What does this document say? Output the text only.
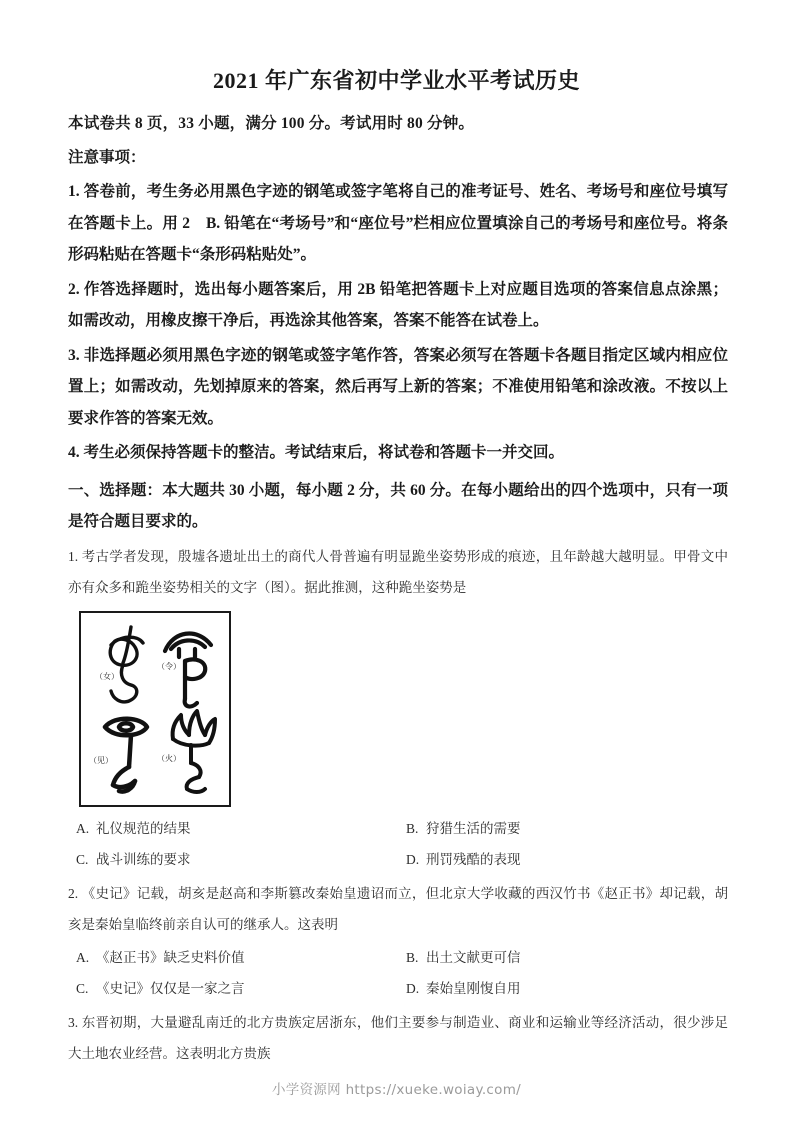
2021 年广东省初中学业水平考试历史

本试卷共 8 页，33 小题，满分 100 分。考试用时 80 分钟。

注意事项：

1. 答卷前，考生务必用黑色字迹的钢笔或签字笔将自己的准考证号、姓名、考场号和座位号填写在答题卡上。用 2　B. 铅笔在“考场号”和“座位号”栏相应位置填涂自己的考场号和座位号。将条形码粘贴在答题卡“条形码粘贴处”。

2. 作答选择题时，选出每小题答案后，用 2B 铅笔把答题卡上对应题目选项的答案信息点涂黑；如需改动，用橡皮擦干净后，再选涂其他答案，答案不能答在试卷上。

3. 非选择题必须用黑色字迹的钢笔或签字笔作答，答案必须写在答题卡各题目指定区域内相应位置上；如需改动，先划掉原来的答案，然后再写上新的答案；不准使用铅笔和涂改液。不按以上要求作答的答案无效。

4. 考生必须保持答题卡的整洁。考试结束后，将试卷和答题卡一并交回。

一、选择题：本大题共 30 小题，每小题 2 分，共 60 分。在每小题给出的四个选项中，只有一项是符合题目要求的。

1. 考古学者发现，殷墟各遗址出土的商代人骨普遍有明显跪坐姿势形成的痕迹，且年龄越大越明显。甲骨文中亦有众多和跪坐姿势相关的文字（图）。据此推测，这种跪坐姿势是

（女）
（令）
（见）	（火）
A. 礼仪规范的结果	B. 狩猎生活的需要
C. 战斗训练的要求	D. 刑罚残酷的表现

2. 《史记》记载，胡亥是赵高和李斯篡改秦始皇遗诏而立，但北京大学收藏的西汉竹书《赵正书》却记载，胡亥是秦始皇临终前亲自认可的继承人。这表明

A. 《赵正书》缺乏史料价值	B. 出土文献更可信
C. 《史记》仅仅是一家之言	D. 秦始皇刚愎自用

3. 东晋初期，大量避乱南迁的北方贵族定居浙东，他们主要参与制造业、商业和运输业等经济活动，很少涉足大土地农业经营。这表明北方贵族

小学资源网 https://xueke.woiay.com/
